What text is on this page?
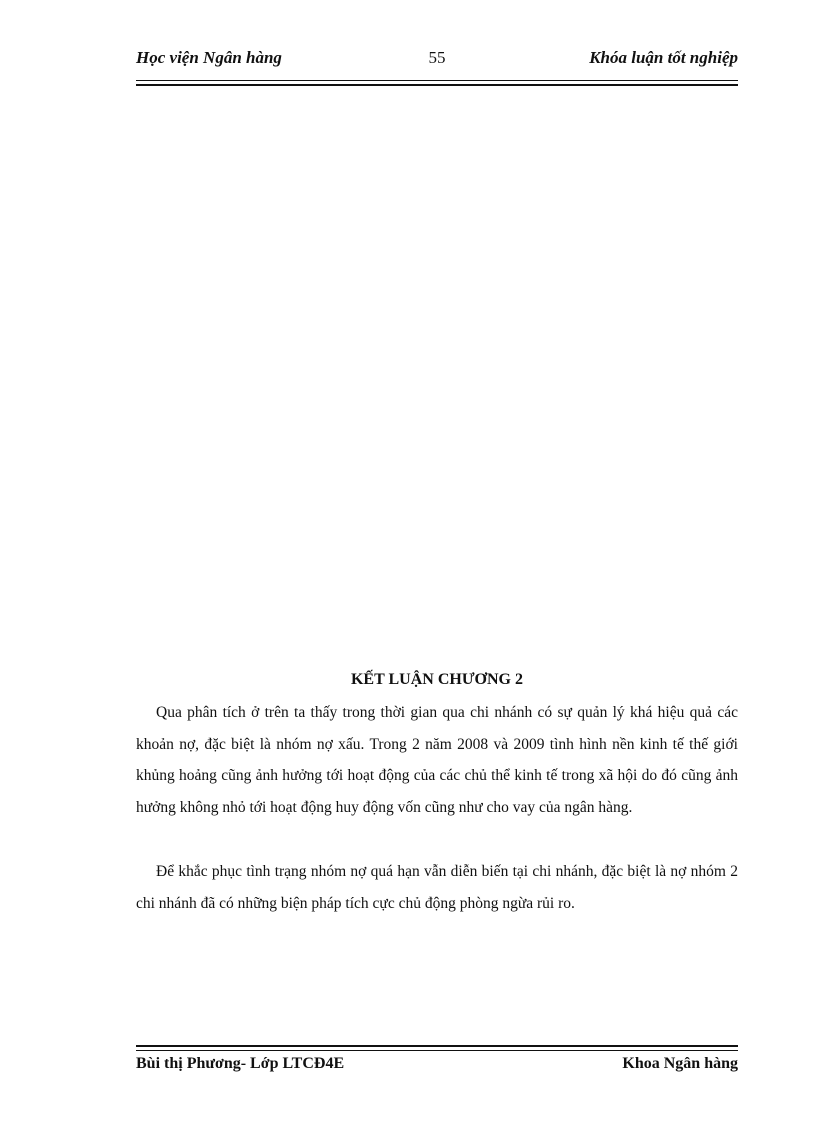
Học viện Ngân hàng	55	Khóa luận tốt nghiệp
KẾT LUẬN CHƯƠNG 2

Qua phân tích ở trên ta thấy trong thời gian qua chi nhánh có sự quản lý khá hiệu quả các khoản nợ, đặc biệt là nhóm nợ xấu. Trong 2 năm 2008 và 2009 tình hình nền kinh tế thế giới khủng hoảng cũng ảnh hưởng tới hoạt động của các chủ thể kinh tế trong xã hội do đó cũng ảnh hưởng không nhỏ tới hoạt động huy động vốn cũng như cho vay của ngân hàng.

Để khắc phục tình trạng nhóm nợ quá hạn vẫn diễn biến tại chi nhánh, đặc biệt là nợ nhóm 2 chi nhánh đã có những biện pháp tích cực chủ động phòng ngừa rủi ro.

Bùi thị Phương- Lớp LTCĐ4E	Khoa Ngân hàng
